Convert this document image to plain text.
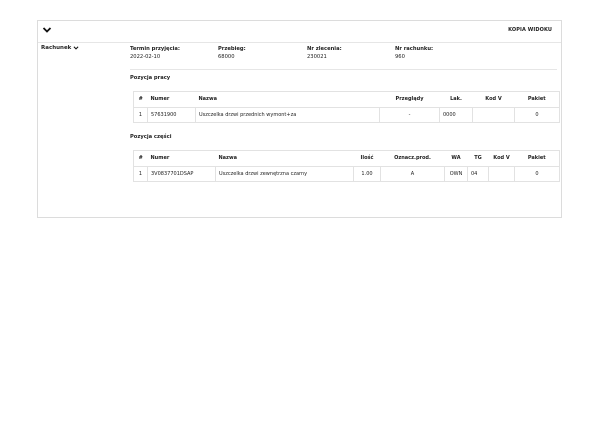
KOPIA WIDOKU
Rachunek	Termin przyjęcia:
2022-02-10
Przebieg:
68000
Nr zlecenia:
230021
Nr rachunku:
960
Pozycja pracy
#	Numer	Nazwa	Przeglądy	Lak.	Kod V	Pakiet
1	57631900	Uszczelka drzwi przednich wymont+za	-	0000		0
Pozycja części
#	Numer	Nazwa	Ilość	Oznacz.prod.	WA	TG	Kod V	Pakiet
1	3V0837701DSAP	Uszczelka drzwi zewnętrzna czarny	1.00	A	OWN	04		0
